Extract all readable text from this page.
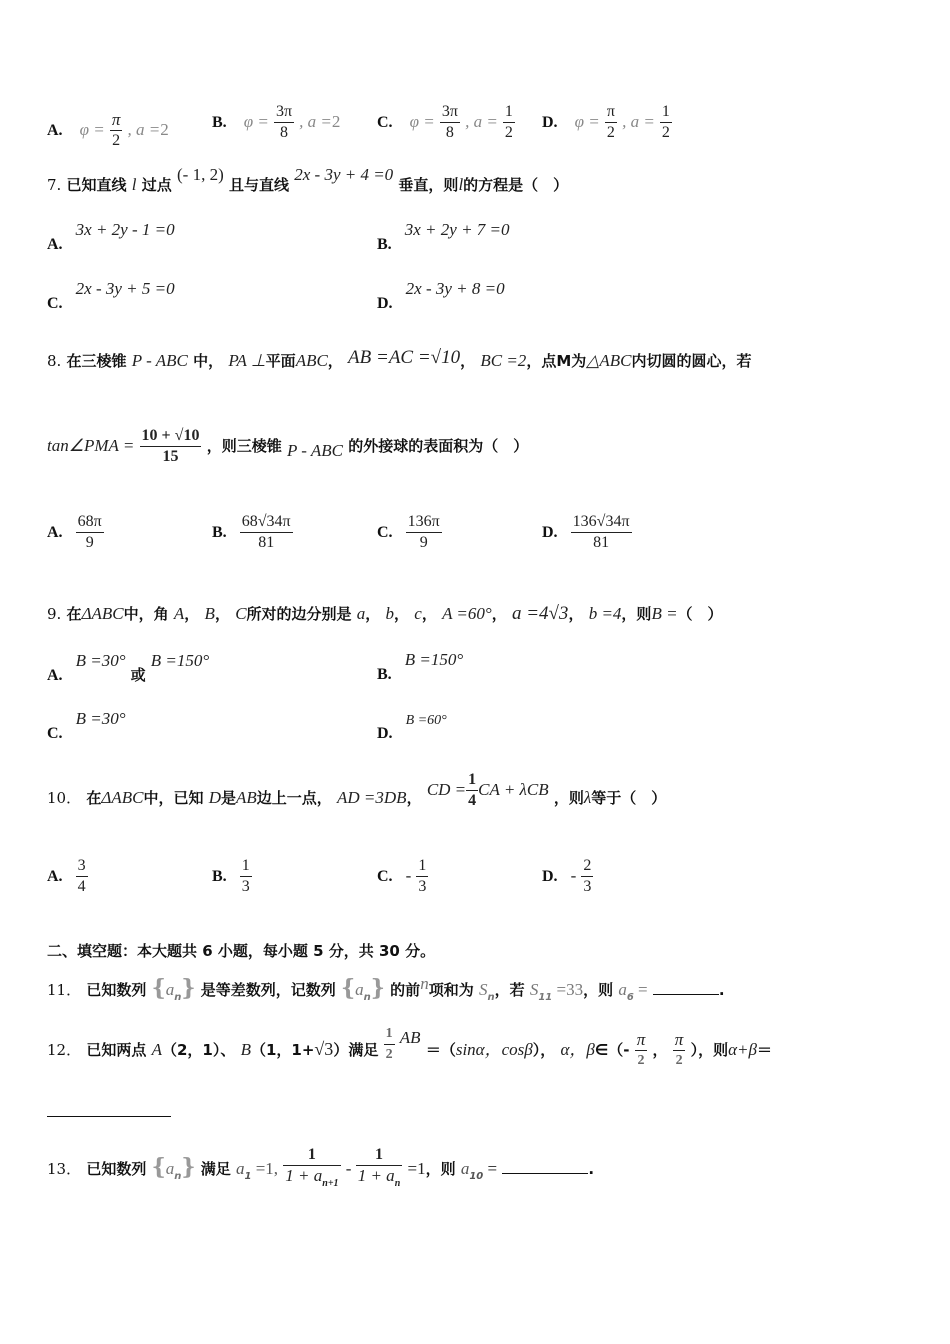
A. $\varphi = \frac{\pi}{2}$ , a =2	B. $\varphi = \frac{3\pi}{8}$ , a =2 C. $\varphi = \frac{3\pi}{8}$ , $a = \frac{1}{2} D$. $\varphi = \frac{\pi}{2}$ , $a = \frac{1}{2}$
7. 已知直线 l 过点 (- 1, 2) 且与直线 2x - 3y + 4 =0 垂直，则l的方程是（　）
A. 3x + 2y - 1 =0
B. 3x + 2y + 7 =0
C. 2x - 3y + 5 =0
D. 2x - 3y + 8 =0
8. 在三棱锥 P - ABC 中， PA ⊥平面ABC， AB =AC =√10， BC =2，点M为△ABC内切圆的圆心，若
tan∠PMA = $\frac{10 + √10}{15}$ ，则三棱锥 P - ABC 的外接球的表面积为（　）
A. $\frac{68\pi}{9}$	B. $\frac{68√34\pi}{81}$	C. $\frac{136\pi}{9}$	D. $\frac{136√34\pi}{81}$
9. 在ΔABC中，角 A， B， C所对的边分别是 a， b， c， A =60°， a =4√3， b =4，则B =（　）
A. B =30° 或 B =150°
B. B =150°
C. B =30°
D. B =60°
10． 在ΔABC中，已知 D是AB边上一点， AD =3DB， CD = $\frac{1}{4}$ CA + λCB ，则λ等于（　）
A. $\frac{3}{4}$	B. $\frac{1}{3}$	C. - $\frac{1}{3}$	D. - $\frac{2}{3}$
二、填空题：本大题共 6 小题，每小题 5 分，共 30 分。
11． 已知数列 $\{a_n\}$ 是等差数列，记数列 $\{a_n\}$ 的前n项和为 $S_n$，若 $S_{11} =33$，则 $a_6$ =	.
12． 已知两点 A（2，1）、 B（1，1+√3）满足 $\frac{1}{2}$ AB ＝（sinα，cosβ）， α，β∈（- $\frac{\pi}{2}$ ， $\frac{\pi}{2}$ ），则α+β＝
13． 已知数列 $\{a_n\}$ 满足 $a_1 =1$, $\frac{1}{1 + a_{n+1}} - \frac{1}{1 + a_n} =1$，则 $a_{10}$ =	.
